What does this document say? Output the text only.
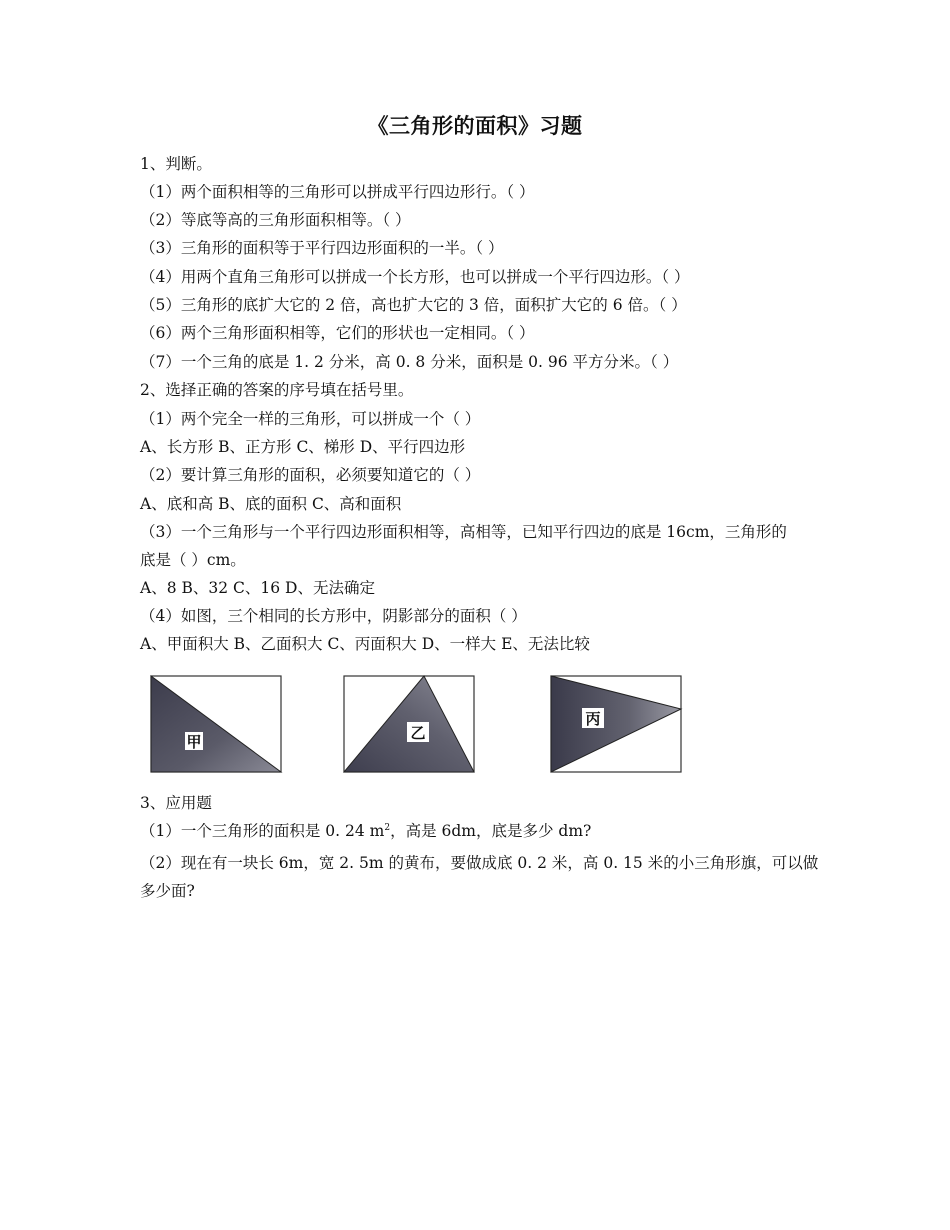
《三角形的面积》习题
1、判断。
（1）两个面积相等的三角形可以拼成平行四边形行。（ ）
（2）等底等高的三角形面积相等。（ ）
（3）三角形的面积等于平行四边形面积的一半。（ ）
（4）用两个直角三角形可以拼成一个长方形，也可以拼成一个平行四边形。（ ）
（5）三角形的底扩大它的 2 倍，高也扩大它的 3 倍，面积扩大它的 6 倍。（ ）
（6）两个三角形面积相等，它们的形状也一定相同。（ ）
（7）一个三角的底是 1. 2 分米，高 0. 8 分米，面积是 0. 96 平方分米。（ ）
2、选择正确的答案的序号填在括号里。
（1）两个完全一样的三角形，可以拼成一个（ ）
A、长方形 B、正方形 C、梯形 D、平行四边形
（2）要计算三角形的面积，必须要知道它的（ ）
A、底和高 B、底的面积 C、高和面积
（3）一个三角形与一个平行四边形面积相等，高相等，已知平行四边的底是 16cm，三角形的
底是（ ）cm。
A、8 B、32 C、16 D、无法确定
（4）如图，三个相同的长方形中，阴影部分的面积（ ）
A、甲面积大 B、乙面积大 C、丙面积大 D、一样大 E、无法比较
甲	乙
丙
3、应用题
（1）一个三角形的面积是 0. 24 $m^2$，高是 6dm，底是多少 dm?
（2）现在有一块长 6m，宽 2. 5m 的黄布，要做成底 0. 2 米，高 0. 15 米的小三角形旗，可以做
多少面?
